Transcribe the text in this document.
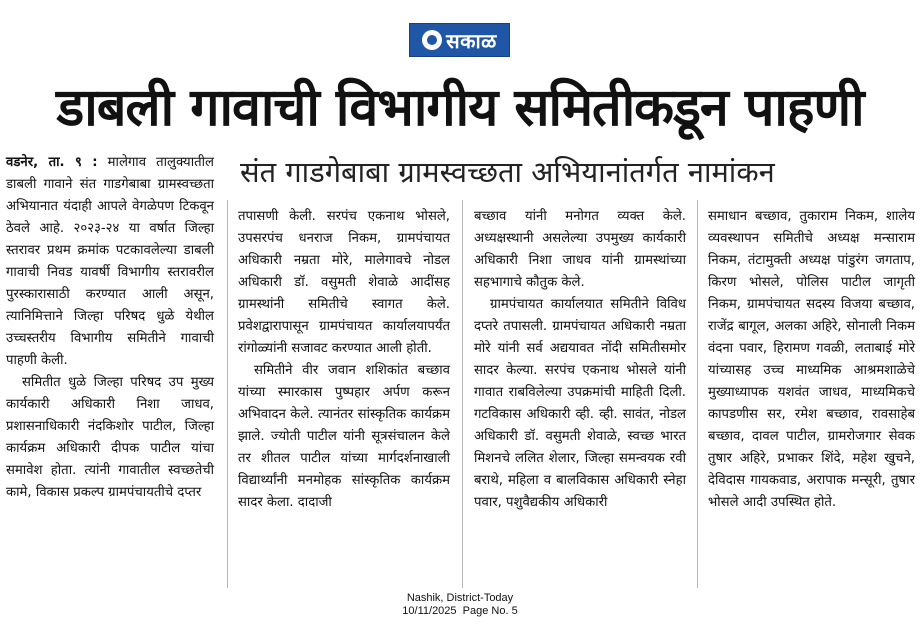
सकाळ
डाबली गावाची विभागीय समितीकडून पाहणी
संत गाडगेबाबा ग्रामस्वच्छता अभियानांतर्गत नामांकन

वडनेर, ता. ९ : मालेगाव तालुक्यातील डाबली गावाने संत गाडगेबाबा ग्रामस्वच्छता अभियानात यंदाही आपले वेगळेपण टिकवून ठेवले आहे. २०२३-२४ या वर्षात जिल्हा स्तरावर प्रथम क्रमांक पटकावलेल्या डाबली गावाची निवड यावर्षी विभागीय स्तरावरील पुरस्कारासाठी करण्यात आली असून, त्यानिमित्ताने जिल्हा परिषद धुळे येथील उच्चस्तरीय विभागीय समितीने गावाची पाहणी केली.

समितीत धुळे जिल्हा परिषद उप मुख्य कार्यकारी अधिकारी निशा जाधव, प्रशासनाधिकारी नंदकिशोर पाटील, जिल्हा कार्यक्रम अधिकारी दीपक पाटील यांचा समावेश होता. त्यांनी गावातील स्वच्छतेची कामे, विकास प्रकल्प ग्रामपंचायतीचे दप्तर

तपासणी केली. सरपंच एकनाथ भोसले, उपसरपंच धनराज निकम, ग्रामपंचायत अधिकारी नम्रता मोरे, मालेगावचे नोडल अधिकारी डॉ. वसुमती शेवाळे आदींसह ग्रामस्थांनी समितीचे स्वागत केले. प्रवेशद्वारापासून ग्रामपंचायत कार्यालयापर्यंत रांगोळ्यांनी सजावट करण्यात आली होती.

समितीने वीर जवान शशिकांत बच्छाव यांच्या स्मारकास पुष्पहार अर्पण करून अभिवादन केले. त्यानंतर सांस्कृतिक कार्यक्रम झाले. ज्योती पाटील यांनी सूत्रसंचालन केले तर शीतल पाटील यांच्या मार्गदर्शनाखाली विद्यार्थ्यांनी मनमोहक सांस्कृतिक कार्यक्रम सादर केला. दादाजी

बच्छाव यांनी मनोगत व्यक्त केले. अध्यक्षस्थानी असलेल्या उपमुख्य कार्यकारी अधिकारी निशा जाधव यांनी ग्रामस्थांच्या सहभागाचे कौतुक केले.

ग्रामपंचायत कार्यालयात समितीने विविध दप्तरे तपासली. ग्रामपंचायत अधिकारी नम्रता मोरे यांनी सर्व अद्ययावत नोंदी समितीसमोर सादर केल्या. सरपंच एकनाथ भोसले यांनी गावात राबविलेल्या उपक्रमांची माहिती दिली. गटविकास अधिकारी व्ही. व्ही. सावंत, नोडल अधिकारी डॉ. वसुमती शेवाळे, स्वच्छ भारत मिशनचे ललित शेलार, जिल्हा समन्वयक रवी बराथे, महिला व बालविकास अधिकारी स्नेहा पवार, पशुवैद्यकीय अधिकारी

समाधान बच्छाव, तुकाराम निकम, शालेय व्यवस्थापन समितीचे अध्यक्ष मन्साराम निकम, तंटामुक्ती अध्यक्ष पांडुरंग जगताप, किरण भोसले, पोलिस पाटील जागृती निकम, ग्रामपंचायत सदस्य विजया बच्छाव, राजेंद्र बागूल, अलका अहिरे, सोनाली निकम वंदना पवार, हिरामण गवळी, लताबाई मोरे यांच्यासह उच्च माध्यमिक आश्रमशाळेचे मुख्याध्यापक यशवंत जाधव, माध्यमिकचे कापडणीस सर, रमेश बच्छाव, रावसाहेब बच्छाव, दावल पाटील, ग्रामरोजगार सेवक तुषार अहिरे, प्रभाकर शिंदे, महेश खुचने, देविदास गायकवाड, अरापाक मन्सूरी, तुषार भोसले आदी उपस्थित होते.

Nashik, District-Today
10/11/2025  Page No. 5
